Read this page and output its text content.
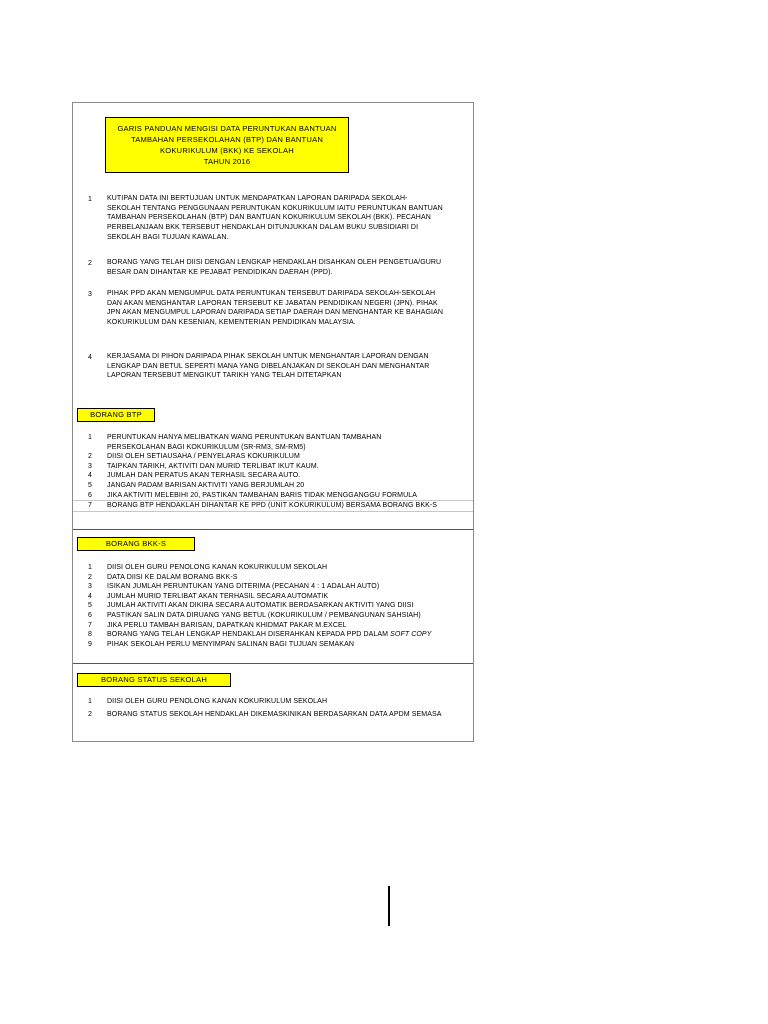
GARIS PANDUAN MENGISI DATA PERUNTUKAN BANTUAN
TAMBAHAN PERSEKOLAHAN (BTP) DAN BANTUAN
KOKURIKULUM (BKK) KE SEKOLAH
TAHUN 2016
1 KUTIPAN DATA INI BERTUJUAN UNTUK MENDAPATKAN LAPORAN DARIPADA SEKOLAH-
SEKOLAH TENTANG PENGGUNAAN PERUNTUKAN KOKURIKULUM IAITU PERUNTUKAN BANTUAN
TAMBAHAN PERSEKOLAHAN (BTP) DAN BANTUAN KOKURIKULUM SEKOLAH (BKK). PECAHAN
PERBELANJAAN BKK TERSEBUT HENDAKLAH DITUNJUKKAN DALAM BUKU SUBSIDIARI DI
SEKOLAH BAGI TUJUAN KAWALAN.
2 BORANG YANG TELAH DIISI DENGAN LENGKAP HENDAKLAH DISAHKAN OLEH PENGETUA/GURU
BESAR DAN DIHANTAR KE PEJABAT PENDIDIKAN DAERAH (PPD).
3 PIHAK PPD AKAN MENGUMPUL DATA PERUNTUKAN TERSEBUT DARIPADA SEKOLAH-SEKOLAH
DAN AKAN MENGHANTAR LAPORAN TERSEBUT KE JABATAN PENDIDIKAN NEGERI (JPN). PIHAK
JPN AKAN MENGUMPUL LAPORAN DARIPADA SETIAP DAERAH DAN MENGHANTAR KE BAHAGIAN
KOKURIKULUM DAN KESENIAN, KEMENTERIAN PENDIDIKAN MALAYSIA.
4 KERJASAMA DI PIHON DARIPADA PIHAK SEKOLAH UNTUK MENGHANTAR LAPORAN DENGAN
LENGKAP DAN BETUL SEPERTI MANA YANG DIBELANJAKAN DI SEKOLAH DAN MENGHANTAR
LAPORAN TERSEBUT MENGIKUT TARIKH YANG TELAH DITETAPKAN
BORANG BTP
1 PERUNTUKAN HANYA MELIBATKAN WANG PERUNTUKAN BANTUAN TAMBAHAN
PERSEKOLAHAN BAGI KOKURIKULUM (SR-RM3, SM-RM5)
2 DIISI OLEH SETIAUSAHA / PENYELARAS KOKURIKULUM
3 TAIPKAN TARIKH, AKTIVITI DAN MURID TERLIBAT IKUT KAUM.
4 JUMLAH DAN PERATUS AKAN TERHASIL SECARA AUTO.
5 JANGAN PADAM BARISAN AKTIVITI YANG BERJUMLAH 20
6 JIKA AKTIVITI MELEBIHI 20, PASTIKAN TAMBAHAN BARIS TIDAK MENGGANGGU FORMULA
7 BORANG BTP HENDAKLAH DIHANTAR KE PPD (UNIT KOKURIKULUM) BERSAMA BORANG BKK-S
BORANG BKK-S
1 DIISI OLEH GURU PENOLONG KANAN KOKURIKULUM SEKOLAH
2 DATA DIISI KE DALAM BORANG BKK-S
3 ISIKAN JUMLAH PERUNTUKAN YANG DITERIMA (PECAHAN 4 : 1 ADALAH AUTO)
4 JUMLAH MURID TERLIBAT AKAN TERHASIL SECARA AUTOMATIK
5 JUMLAH AKTIVITI AKAN DIKIRA SECARA AUTOMATIK BERDASARKAN AKTIVITI YANG DIISI
6 PASTIKAN SALIN DATA DIRUANG YANG BETUL (KOKURIKULUM / PEMBANGUNAN SAHSIAH)
7 JIKA PERLU TAMBAH BARISAN, DAPATKAN KHIDMAT PAKAR M.EXCEL
8 BORANG YANG TELAH LENGKAP HENDAKLAH DISERAHKAN KEPADA PPD DALAM SOFT COPY
9 PIHAK SEKOLAH PERLU MENYIMPAN SALINAN BAGI TUJUAN SEMAKAN
BORANG STATUS SEKOLAH
1 DIISI OLEH GURU PENOLONG KANAN KOKURIKULUM SEKOLAH
2 BORANG STATUS SEKOLAH HENDAKLAH DIKEMASKINIKAN BERDASARKAN DATA APDM SEMASA
